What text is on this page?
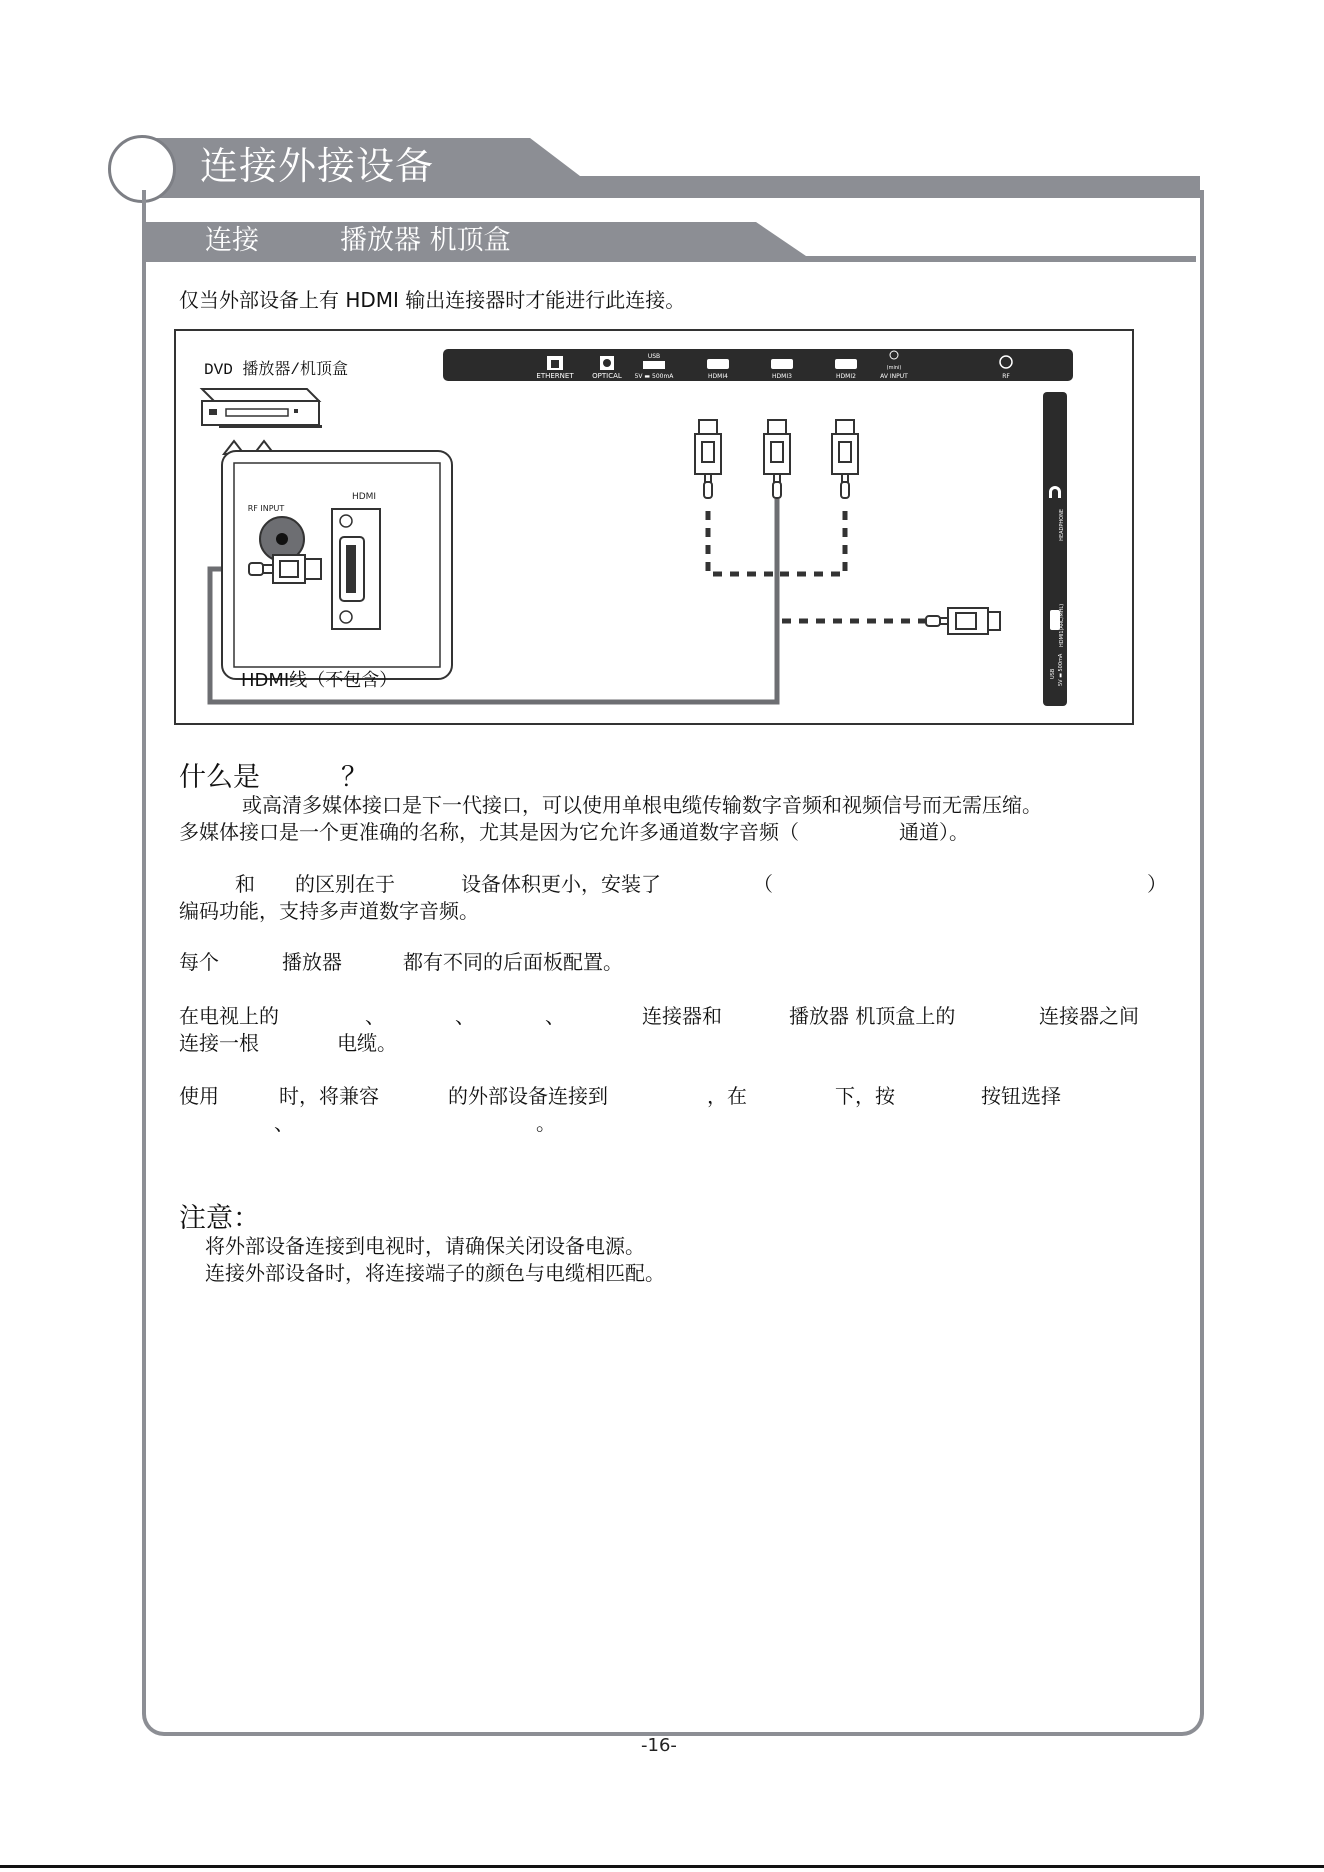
连接外接设备
连接	播放器 机顶盒
仅当外部设备上有 HDMI 输出连接器时才能进行此连接。
ETHERNET	OPTICAL
USB
5V ▬ 500mA	HDMI4	HDMI3	HDMI2
(mini)
AV INPUT	RF
HEADPHONE
HDMI1(ARC/MHL)
USB 5V ▬ 500mA
RF INPUT
HDMI
DVD 播放器/机顶盒
HDMI线（不包含）
什么是	？
或高清多媒体接口是下一代接口，可以使用单根电缆传输数字音频和视频信号而无需压缩。
多媒体接口是一个更准确的名称，尤其是因为它允许多通道数字音频（	通道）。
和 的区别在于	设备体积更小，安装了	（	）
编码功能，支持多声道数字音频。
每个	播放器	都有不同的后面板配置。
在电视上的	、	、	、	连接器和	播放器 机顶盒上的	连接器之间
连接一根	电缆。
使用	时，将兼容	的外部设备连接到	，在	下，按	按钮选择
、	。
注意：
将外部设备连接到电视时，请确保关闭设备电源。
连接外部设备时，将连接端子的颜色与电缆相匹配。
-16-
